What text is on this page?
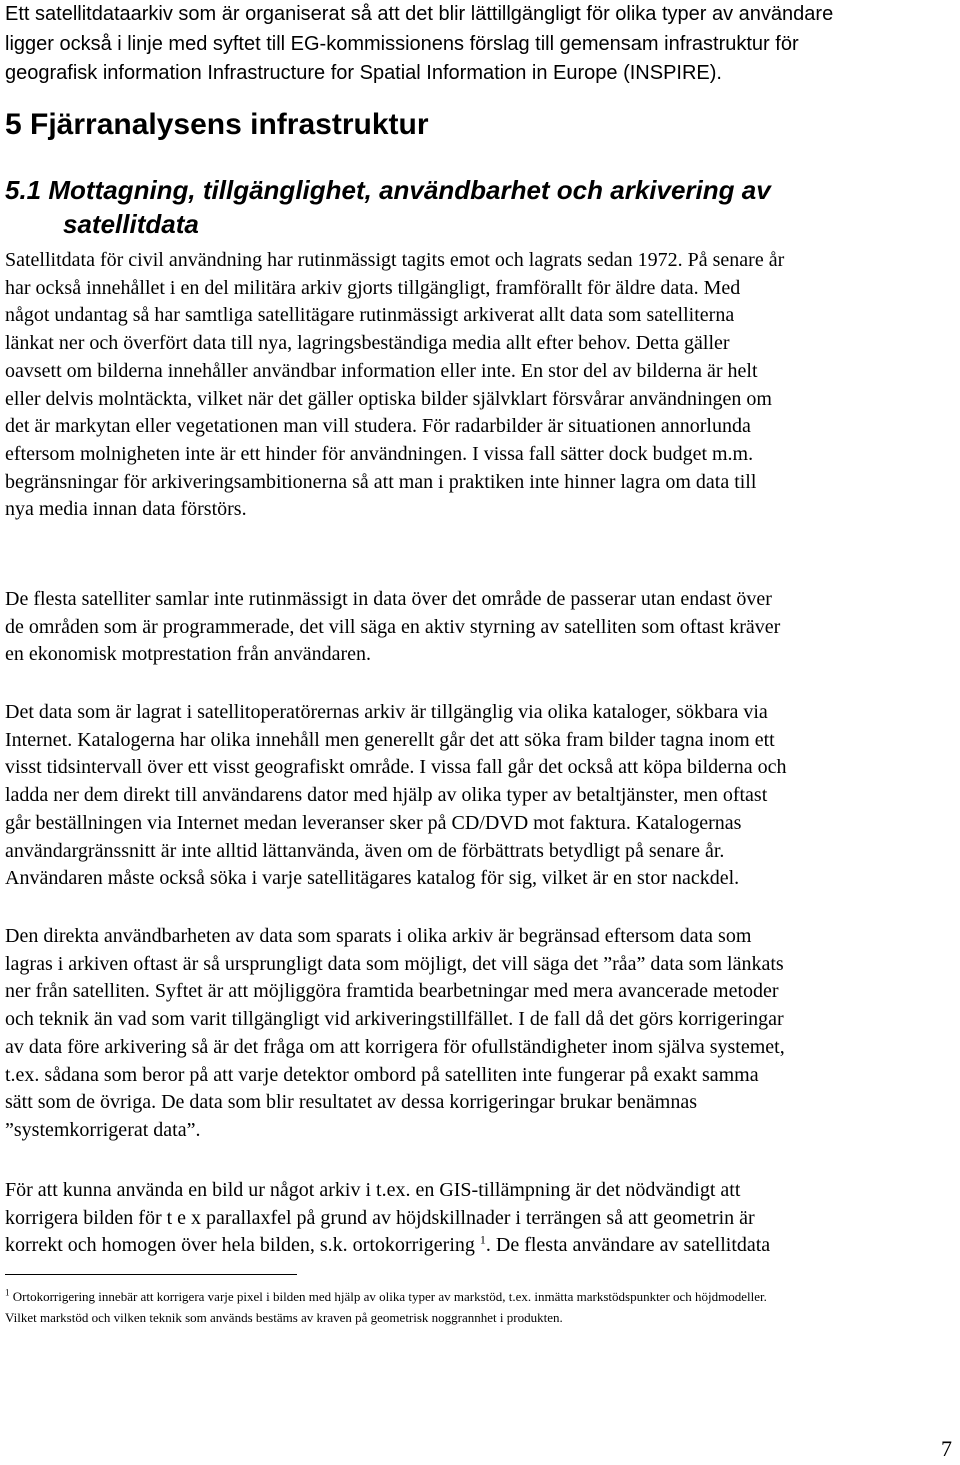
Ett satellitdataarkiv som är organiserat så att det blir lättillgängligt för olika typer av användare
ligger också i linje med syftet till EG-kommissionens förslag till gemensam infrastruktur för
geografisk information Infrastructure for Spatial Information in Europe (INSPIRE).
5 Fjärranalysens infrastruktur
5.1 Mottagning, tillgänglighet, användbarhet och arkivering av
satellitdata
Satellitdata för civil användning har rutinmässigt tagits emot och lagrats sedan 1972. På senare år
har också innehållet i en del militära arkiv gjorts tillgängligt, framförallt för äldre data. Med
något undantag så har samtliga satellitägare rutinmässigt arkiverat allt data som satelliterna
länkat ner och överfört data till nya, lagringsbeständiga media allt efter behov. Detta gäller
oavsett om bilderna innehåller användbar information eller inte. En stor del av bilderna är helt
eller delvis molntäckta, vilket när det gäller optiska bilder självklart försvårar användningen om
det är markytan eller vegetationen man vill studera. För radarbilder är situationen annorlunda
eftersom molnigheten inte är ett hinder för användningen. I vissa fall sätter dock budget m.m.
begränsningar för arkiveringsambitionerna så att man i praktiken inte hinner lagra om data till
nya media innan data förstörs.
De flesta satelliter samlar inte rutinmässigt in data över det område de passerar utan endast över
de områden som är programmerade, det vill säga en aktiv styrning av satelliten som oftast kräver
en ekonomisk motprestation från användaren.
Det data som är lagrat i satellitoperatörernas arkiv är tillgänglig via olika kataloger, sökbara via
Internet. Katalogerna har olika innehåll men generellt går det att söka fram bilder tagna inom ett
visst tidsintervall över ett visst geografiskt område. I vissa fall går det också att köpa bilderna och
ladda ner dem direkt till användarens dator med hjälp av olika typer av betaltjänster, men oftast
går beställningen via Internet medan leveranser sker på CD/DVD mot faktura. Katalogernas
användargränssnitt är inte alltid lättanvända, även om de förbättrats betydligt på senare år.
Användaren måste också söka i varje satellitägares katalog för sig, vilket är en stor nackdel.
Den direkta användbarheten av data som sparats i olika arkiv är begränsad eftersom data som
lagras i arkiven oftast är så ursprungligt data som möjligt, det vill säga det ”råa” data som länkats
ner från satelliten. Syftet är att möjliggöra framtida bearbetningar med mera avancerade metoder
och teknik än vad som varit tillgängligt vid arkiveringstillfället. I de fall då det görs korrigeringar
av data före arkivering så är det fråga om att korrigera för ofullständigheter inom själva systemet,
t.ex. sådana som beror på att varje detektor ombord på satelliten inte fungerar på exakt samma
sätt som de övriga. De data som blir resultatet av dessa korrigeringar brukar benämnas
”systemkorrigerat data”.
För att kunna använda en bild ur något arkiv i t.ex. en GIS-tillämpning är det nödvändigt att
korrigera bilden för t e x parallaxfel på grund av höjdskillnader i terrängen så att geometrin är
korrekt och homogen över hela bilden, s.k. ortokorrigering $^1$. De flesta användare av satellitdata
$^1$ Ortokorrigering innebär att korrigera varje pixel i bilden med hjälp av olika typer av markstöd, t.ex. inmätta markstödspunkter och höjdmodeller.
Vilket markstöd och vilken teknik som används bestäms av kraven på geometrisk noggrannhet i produkten.
7
